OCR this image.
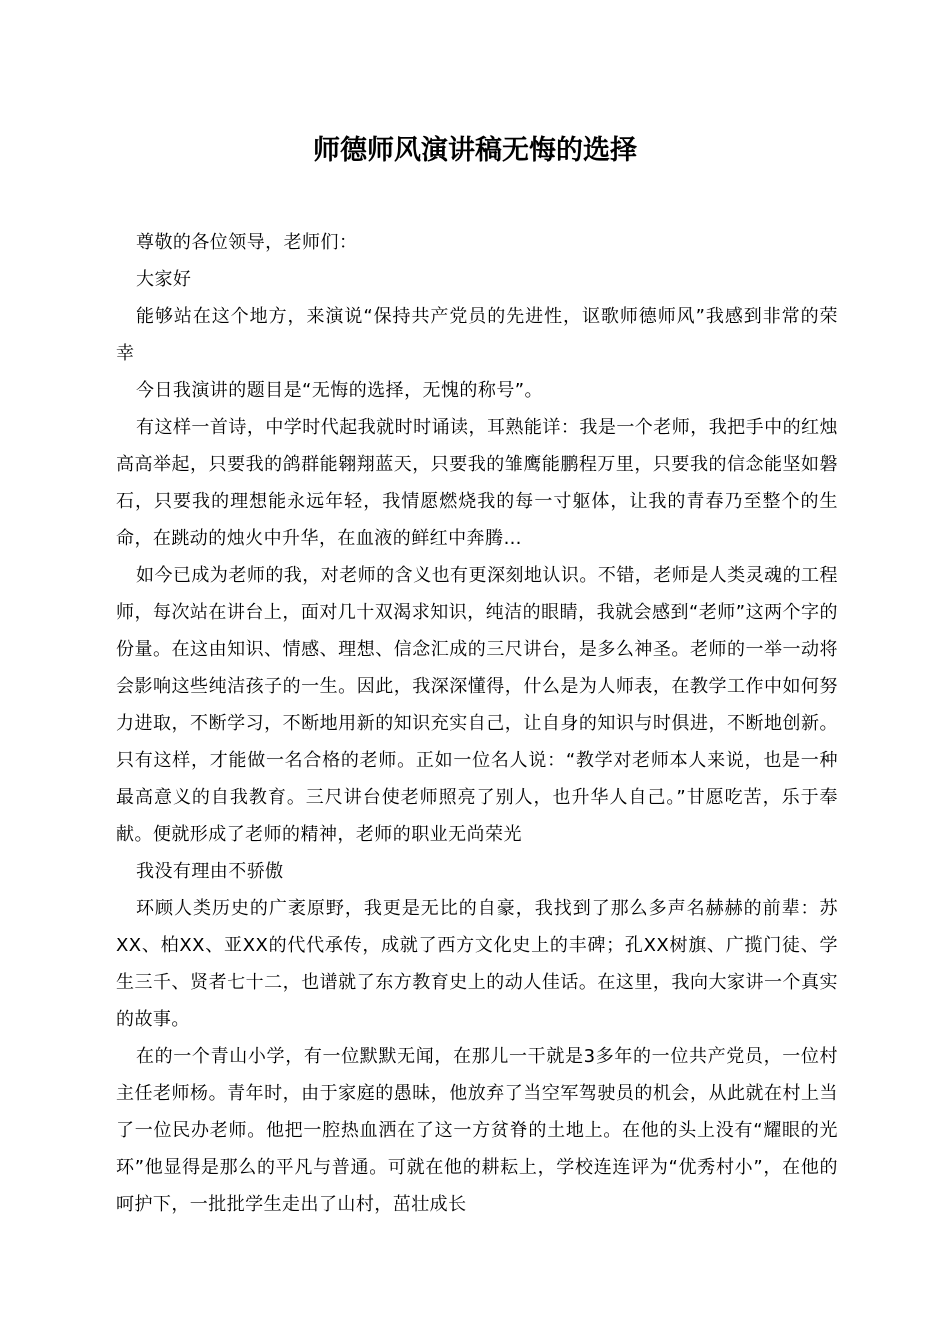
师德师风演讲稿无悔的选择

尊敬的各位领导，老师们：

大家好

能够站在这个地方，来演说“保持共产党员的先进性，讴歌师德师风”我感到非常的荣幸

今日我演讲的题目是“无悔的选择，无愧的称号”。

有这样一首诗，中学时代起我就时时诵读，耳熟能详：我是一个老师，我把手中的红烛高高举起，只要我的鸽群能翱翔蓝天，只要我的雏鹰能鹏程万里，只要我的信念能坚如磐石，只要我的理想能永远年轻，我情愿燃烧我的每一寸躯体，让我的青春乃至整个的生命，在跳动的烛火中升华，在血液的鲜红中奔腾…

如今已成为老师的我，对老师的含义也有更深刻地认识。不错，老师是人类灵魂的工程师，每次站在讲台上，面对几十双渴求知识，纯洁的眼睛，我就会感到“老师”这两个字的份量。在这由知识、情感、理想、信念汇成的三尺讲台，是多么神圣。老师的一举一动将会影响这些纯洁孩子的一生。因此，我深深懂得，什么是为人师表，在教学工作中如何努力进取，不断学习，不断地用新的知识充实自己，让自身的知识与时俱进，不断地创新。只有这样，才能做一名合格的老师。正如一位名人说：“教学对老师本人来说，也是一种最高意义的自我教育。三尺讲台使老师照亮了别人，也升华人自己。”甘愿吃苦，乐于奉献。便就形成了老师的精神，老师的职业无尚荣光

我没有理由不骄傲

环顾人类历史的广袤原野，我更是无比的自豪，我找到了那么多声名赫赫的前辈：苏XX、柏XX、亚XX的代代承传，成就了西方文化史上的丰碑；孔XX树旗、广揽门徒、学生三千、贤者七十二，也谱就了东方教育史上的动人佳话。在这里，我向大家讲一个真实的故事。

在的一个青山小学，有一位默默无闻，在那儿一干就是3多年的一位共产党员，一位村主任老师杨。青年时，由于家庭的愚昧，他放弃了当空军驾驶员的机会，从此就在村上当了一位民办老师。他把一腔热血洒在了这一方贫脊的土地上。在他的头上没有“耀眼的光环”他显得是那么的平凡与普通。可就在他的耕耘上，学校连连评为“优秀村小”，在他的呵护下，一批批学生走出了山村，茁壮成长
